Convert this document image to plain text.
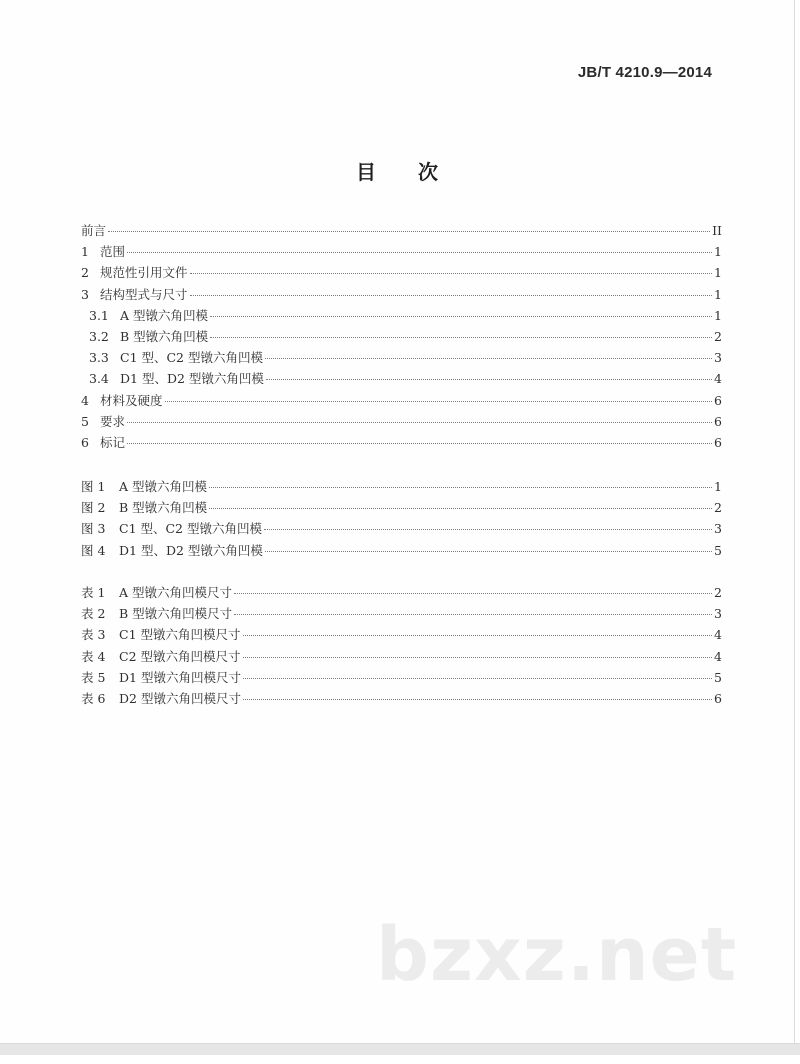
JB/T 4210.9—2014
目 次
前言	II
1 范围	1
2 规范性引用文件	1
3 结构型式与尺寸	1
3.1 A 型镦六角凹模	1
3.2 B 型镦六角凹模	2
3.3 C1 型、C2 型镦六角凹模	3
3.4 D1 型、D2 型镦六角凹模	4
4 材料及硬度	6
5 要求	6
6 标记	6
图 1	A 型镦六角凹模	1
图 2	B 型镦六角凹模	2
图 3	C1 型、C2 型镦六角凹模	3
图 4	D1 型、D2 型镦六角凹模	5
表 1	A 型镦六角凹模尺寸	2
表 2	B 型镦六角凹模尺寸	3
表 3	C1 型镦六角凹模尺寸	4
表 4	C2 型镦六角凹模尺寸	4
表 5	D1 型镦六角凹模尺寸	5
表 6	D2 型镦六角凹模尺寸	6
bzxz.net
